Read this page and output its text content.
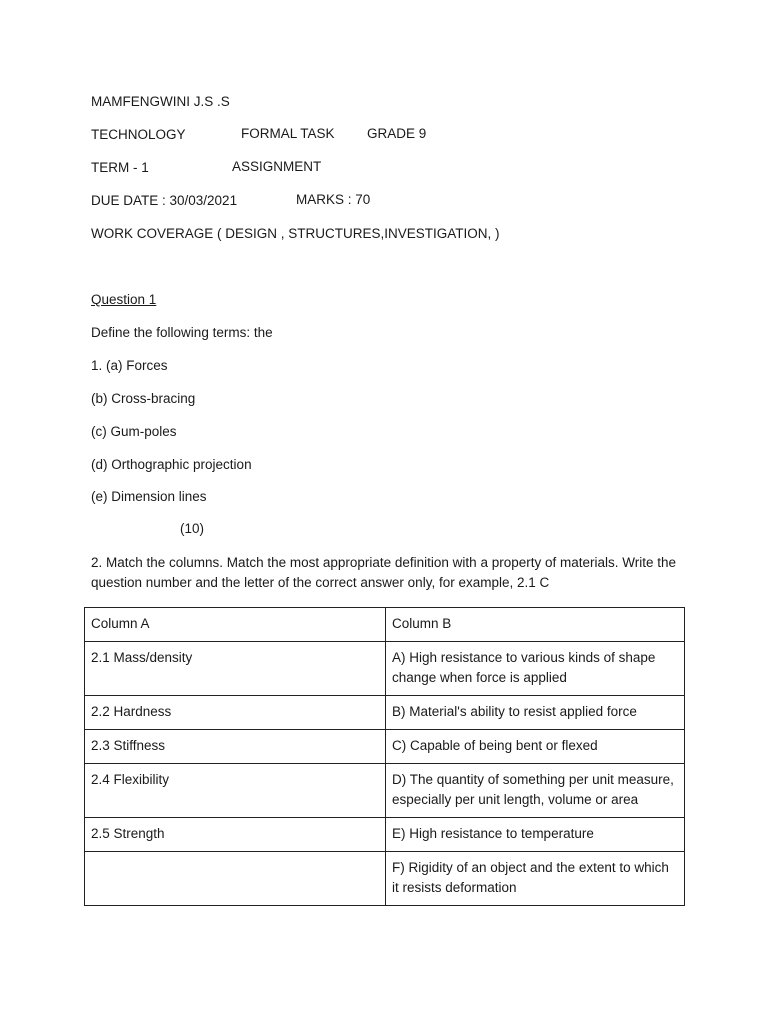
MAMFENGWINI J.S .S
TECHNOLOGY	FORMAL TASK GRADE 9
TERM - 1	ASSIGNMENT
DUE DATE : 30/03/2021	MARKS : 70
WORK COVERAGE ( DESIGN , STRUCTURES,INVESTIGATION, )
Question 1
Define the following terms: the
1. (a) Forces
(b) Cross-bracing
(c) Gum-poles
(d) Orthographic projection
(e) Dimension lines
(10)
2. Match the columns. Match the most appropriate definition with a property of materials. Write the question number and the letter of the correct answer only, for example, 2.1 C
Column A	Column B
2.1 Mass/density	A) High resistance to various kinds of shape change when force is applied
2.2 Hardness	B) Material's ability to resist applied force
2.3 Stiffness	C) Capable of being bent or flexed
2.4 Flexibility	D) The quantity of something per unit measure, especially per unit length, volume or area
2.5 Strength	E) High resistance to temperature
	F) Rigidity of an object and the extent to which it resists deformation
